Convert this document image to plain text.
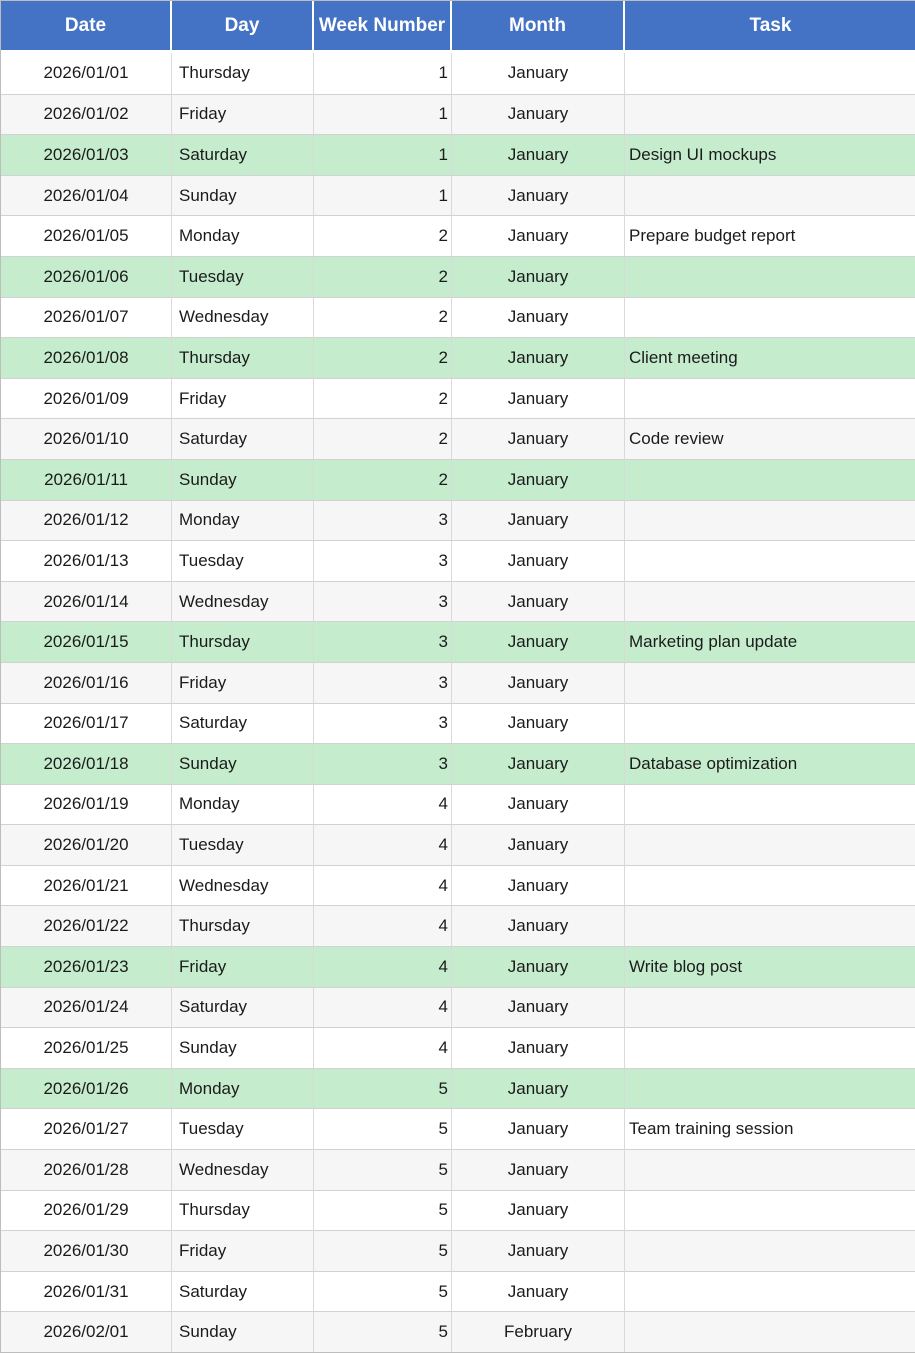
Date	Day	Week Number	Month	Task
2026/01/01	Thursday	1	January	
2026/01/02	Friday	1	January	
2026/01/03	Saturday	1	January	Design UI mockups
2026/01/04	Sunday	1	January	
2026/01/05	Monday	2	January	Prepare budget report
2026/01/06	Tuesday	2	January	
2026/01/07	Wednesday	2	January	
2026/01/08	Thursday	2	January	Client meeting
2026/01/09	Friday	2	January	
2026/01/10	Saturday	2	January	Code review
2026/01/11	Sunday	2	January	
2026/01/12	Monday	3	January	
2026/01/13	Tuesday	3	January	
2026/01/14	Wednesday	3	January	
2026/01/15	Thursday	3	January	Marketing plan update
2026/01/16	Friday	3	January	
2026/01/17	Saturday	3	January	
2026/01/18	Sunday	3	January	Database optimization
2026/01/19	Monday	4	January	
2026/01/20	Tuesday	4	January	
2026/01/21	Wednesday	4	January	
2026/01/22	Thursday	4	January	
2026/01/23	Friday	4	January	Write blog post
2026/01/24	Saturday	4	January	
2026/01/25	Sunday	4	January	
2026/01/26	Monday	5	January	
2026/01/27	Tuesday	5	January	Team training session
2026/01/28	Wednesday	5	January	
2026/01/29	Thursday	5	January	
2026/01/30	Friday	5	January	
2026/01/31	Saturday	5	January	
2026/02/01	Sunday	5	February	
